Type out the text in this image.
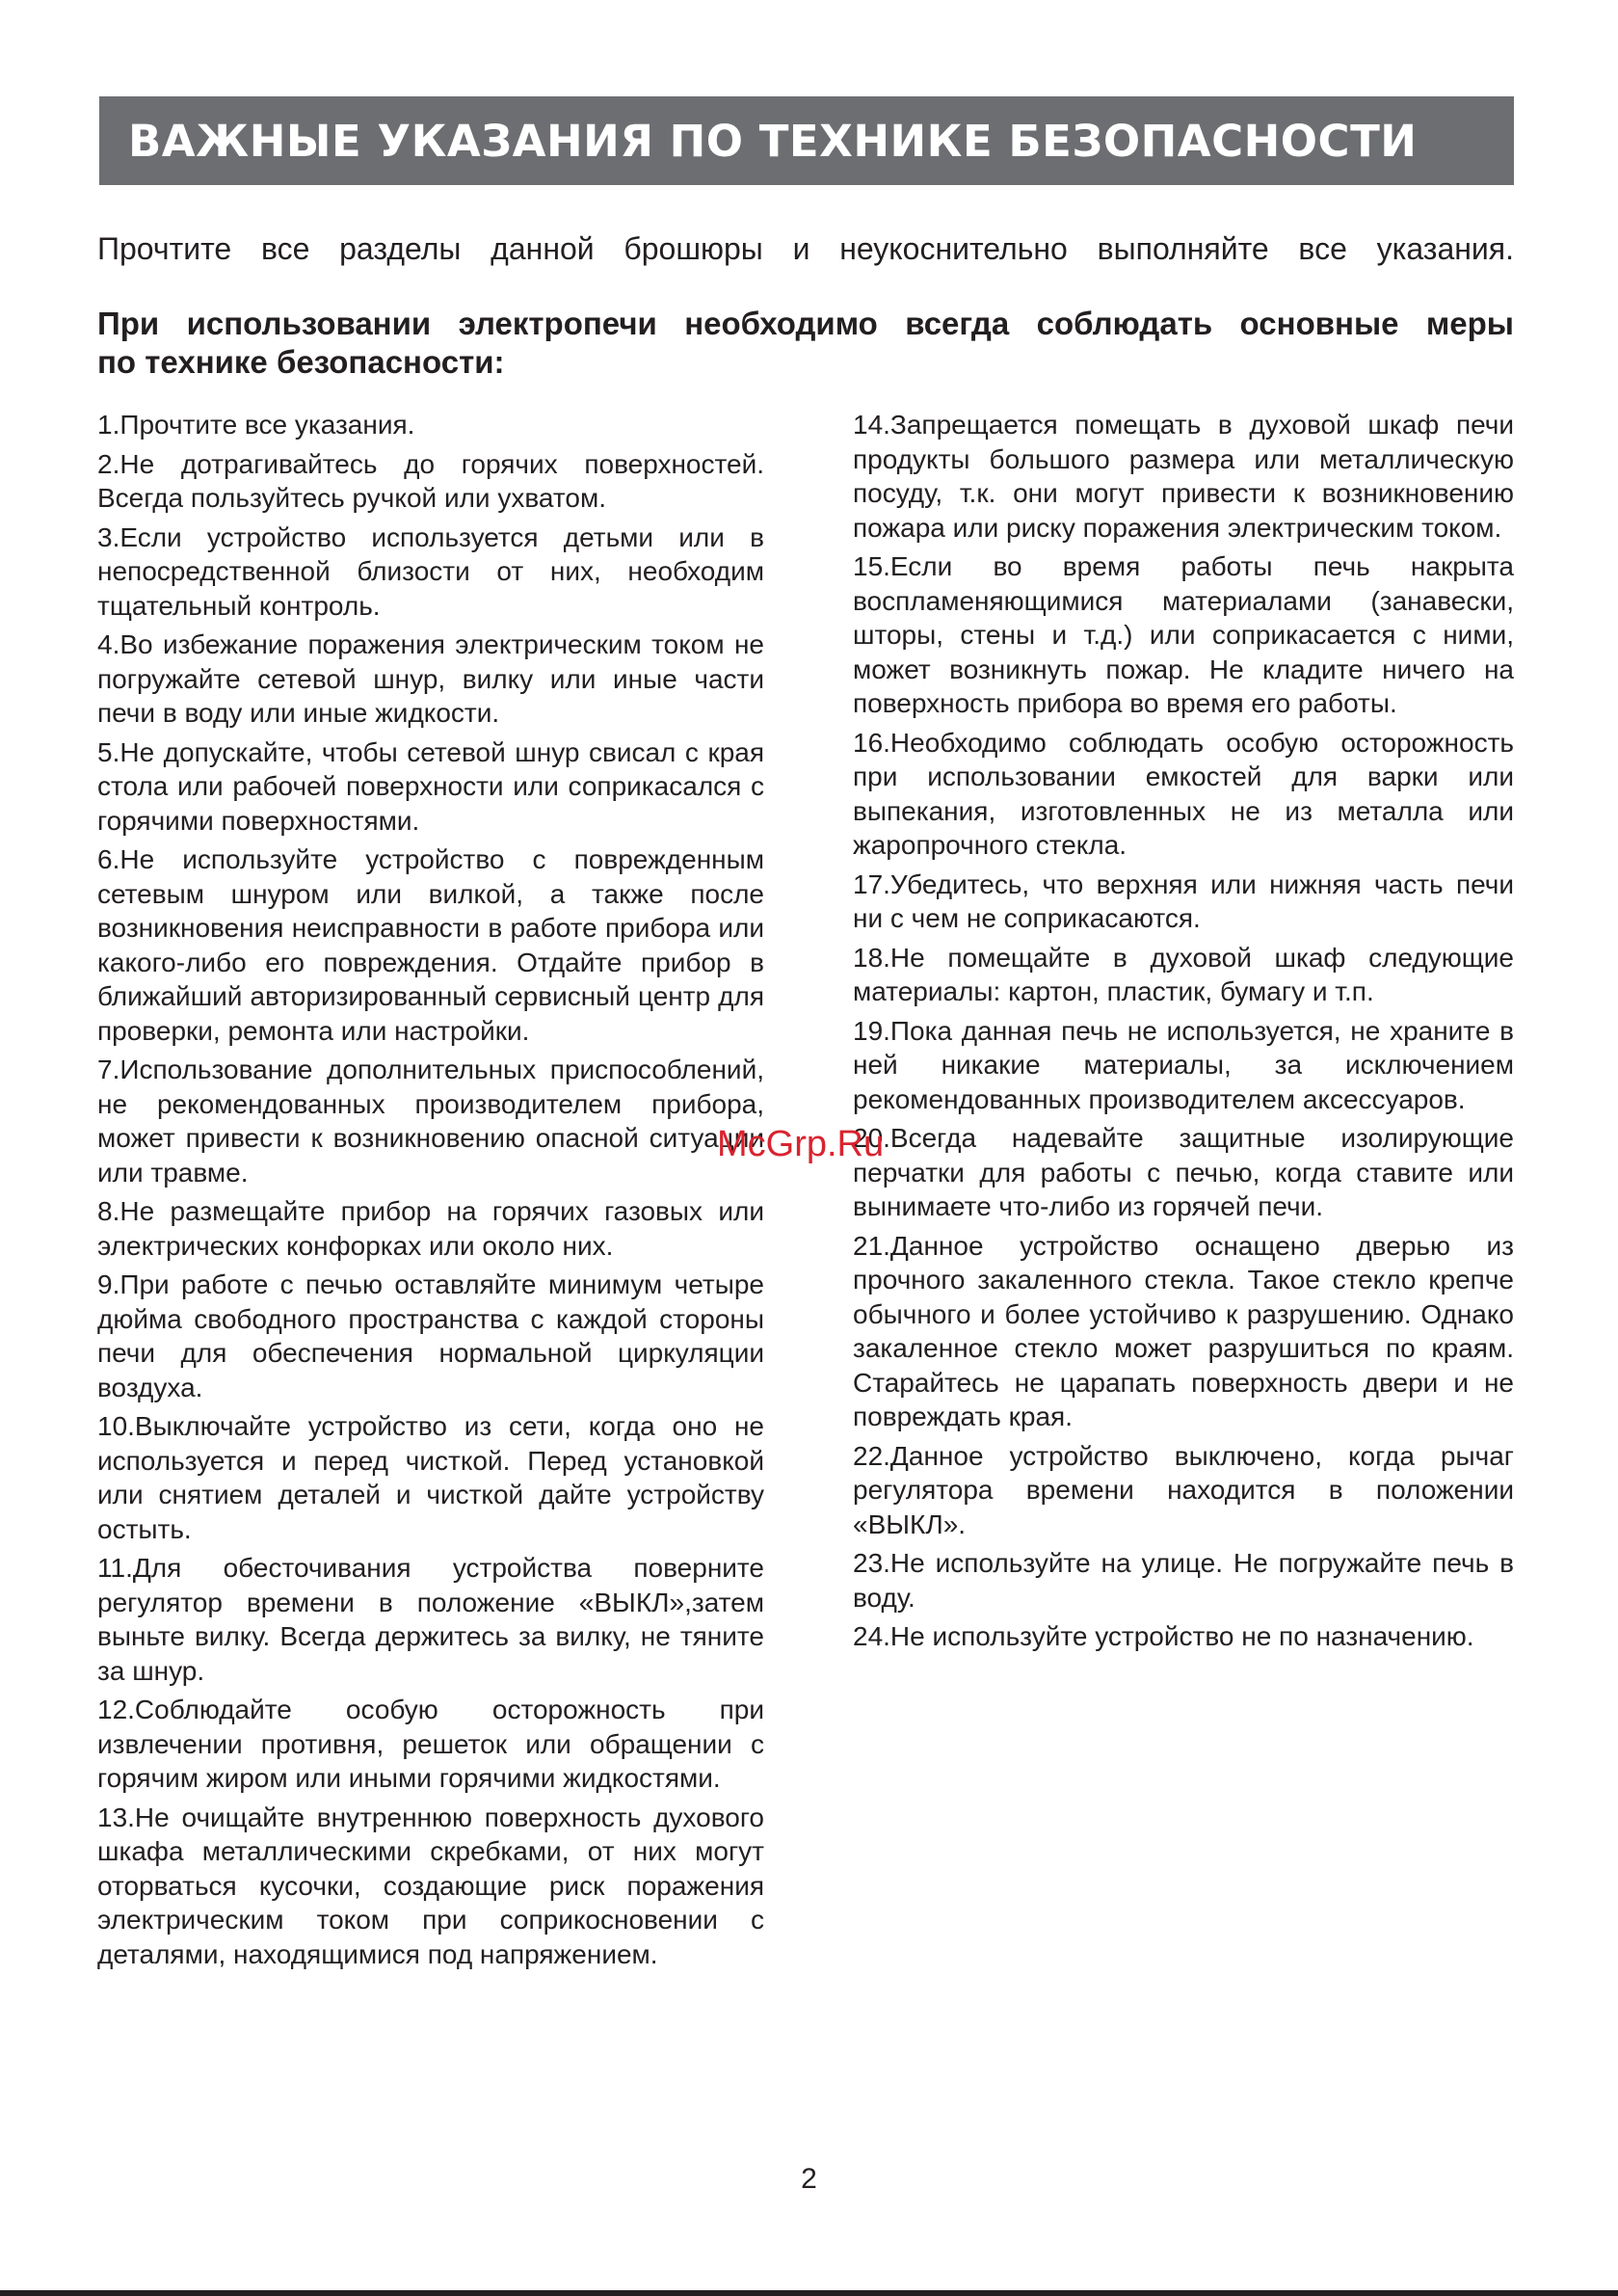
ВАЖНЫЕ УКАЗАНИЯ ПО ТЕХНИКЕ БЕЗОПАСНОСТИ
Прочтите все разделы данной брошюры и неукоснительно выполняйте все указания.
При использовании электропечи необходимо всегда соблюдать основные меры
по технике безопасности:

1.Прочтите все указания.

2.Не дотрагивайтесь до горячих поверхностей. Всегда пользуйтесь ручкой или ухватом.

3.Если устройство используется детьми или в непосредственной близости от них, необходим тщательный контроль.

4.Во избежание поражения электрическим током не погружайте сетевой шнур, вилку или иные части печи в воду или иные жидкости.

5.Не допускайте, чтобы сетевой шнур свисал с края стола или рабочей поверхности или соприкасался с горячими поверхностями.

6.Не используйте устройство с поврежденным сетевым шнуром или вилкой, а также после возникновения неисправности в работе прибора или какого-либо его повреждения. Отдайте прибор в ближайший авторизированный сервисный центр для проверки, ремонта или настройки.

7.Использование дополнительных приспособлений, не рекомендованных производителем прибора, может привести к возникновению опасной ситуации или травме.

8.Не размещайте прибор на горячих газовых или электрических конфорках или около них.

9.При работе с печью оставляйте минимум четыре дюйма свободного пространства с каждой стороны печи для обеспечения нормальной циркуляции воздуха.

10.Выключайте устройство из сети, когда оно не используется и перед чисткой. Перед установкой или снятием деталей и чисткой дайте устройству остыть.

11.Для обесточивания устройства поверните регулятор времени в положение «ВЫКЛ»,затем выньте вилку. Всегда держитесь за вилку, не тяните за шнур.

12.Соблюдайте особую осторожность при извлечении противня, решеток или обращении с горячим жиром или иными горячими жидкостями.

13.Не очищайте внутреннюю поверхность духового шкафа металлическими скребками, от них могут оторваться кусочки, создающие риск поражения электрическим током при соприкосновении с деталями, находящимися под напряжением.

14.Запрещается помещать в духовой шкаф печи продукты большого размера или металлическую посуду, т.к. они могут привести к возникновению пожара или риску поражения электрическим током.

15.Если во время работы печь накрыта воспламеняющимися материалами (занавески, шторы, стены и т.д.) или соприкасается с ними, может возникнуть пожар. Не кладите ничего на поверхность прибора во время его работы.

16.Необходимо соблюдать особую осторожность при использовании емкостей для варки или выпекания, изготовленных не из металла или жаропрочного стекла.

17.Убедитесь, что верхняя или нижняя часть печи ни с чем не соприкасаются.

18.Не помещайте в духовой шкаф следующие материалы: картон, пластик, бумагу и т.п.

19.Пока данная печь не используется, не храните в ней никакие материалы, за исключением рекомендованных производителем аксессуаров.

20.Всегда надевайте защитные изолирующие перчатки для работы с печью, когда ставите или вынимаете что-либо из горячей печи.

21.Данное устройство оснащено дверью из прочного закаленного стекла. Такое стекло крепче обычного и более устойчиво к разрушению. Однако закаленное стекло может разрушиться по краям. Старайтесь не царапать поверхность двери и не повреждать края.

22.Данное устройство выключено, когда рычаг регулятора времени находится в положении «ВЫКЛ».

23.Не используйте на улице. Не погружайте печь в воду.

24.Не используйте устройство не по назначению.

McGrp.Ru
2
